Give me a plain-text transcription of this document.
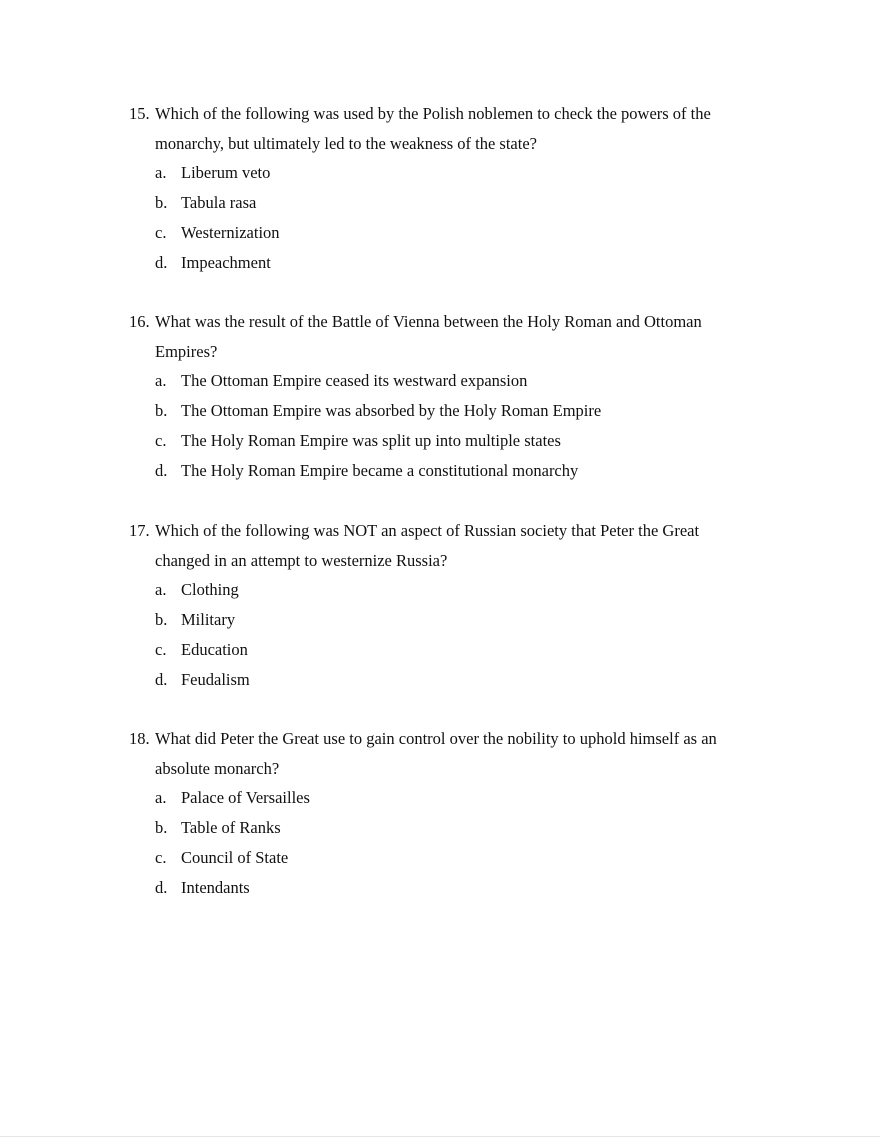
15. Which of the following was used by the Polish noblemen to check the powers of the monarchy, but ultimately led to the weakness of the state?
a. Liberum veto
b. Tabula rasa
c. Westernization
d. Impeachment
16. What was the result of the Battle of Vienna between the Holy Roman and Ottoman Empires?
a. The Ottoman Empire ceased its westward expansion
b. The Ottoman Empire was absorbed by the Holy Roman Empire
c. The Holy Roman Empire was split up into multiple states
d. The Holy Roman Empire became a constitutional monarchy
17. Which of the following was NOT an aspect of Russian society that Peter the Great changed in an attempt to westernize Russia?
a. Clothing
b. Military
c. Education
d. Feudalism
18. What did Peter the Great use to gain control over the nobility to uphold himself as an absolute monarch?
a. Palace of Versailles
b. Table of Ranks
c. Council of State
d. Intendants
